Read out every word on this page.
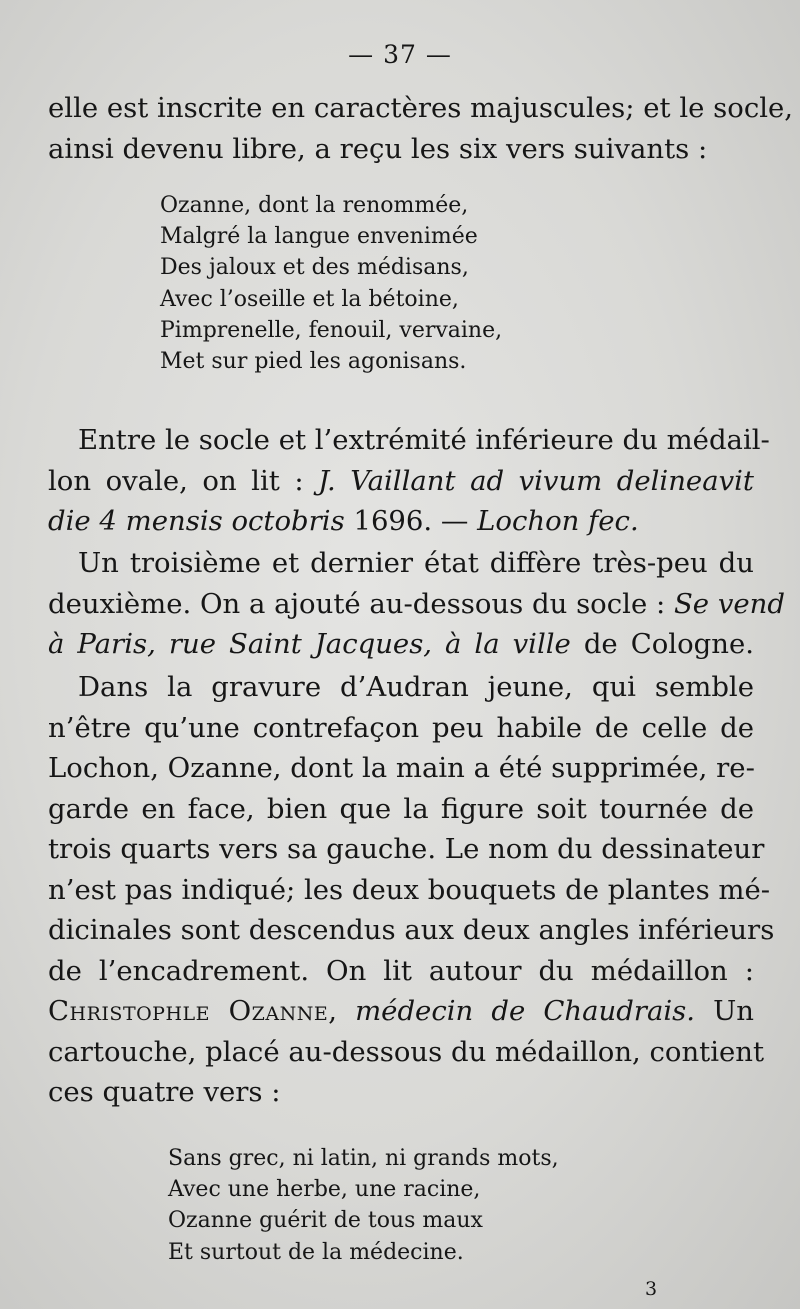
— 37 —
elle est inscrite en caractères majuscules; et le socle,
ainsi devenu libre, a reçu les six vers suivants :
Ozanne, dont la renommée,
Malgré la langue envenimée
Des jaloux et des médisans,
Avec l’oseille et la bétoine,
Pimprenelle, fenouil, vervaine,
Met sur pied les agonisans.
Entre le socle et l’extrémité inférieure du médail-
lon ovale, on lit : J. Vaillant ad vivum delineavit
die 4 mensis octobris 1696. — Lochon fec.
Un troisième et dernier état diffère très-peu du
deuxième. On a ajouté au-dessous du socle : Se vend
à Paris, rue Saint Jacques, à la ville de Cologne.
Dans la gravure d’Audran jeune, qui semble
n’être qu’une contrefaçon peu habile de celle de
Lochon, Ozanne, dont la main a été supprimée, re-
garde en face, bien que la figure soit tournée de
trois quarts vers sa gauche. Le nom du dessinateur
n’est pas indiqué; les deux bouquets de plantes mé-
dicinales sont descendus aux deux angles inférieurs
de l’encadrement. On lit autour du médaillon :
Christophle Ozanne, médecin de Chaudrais. Un
cartouche, placé au-dessous du médaillon, contient
ces quatre vers :
Sans grec, ni latin, ni grands mots,
Avec une herbe, une racine,
Ozanne guérit de tous maux
Et surtout de la médecine.
3
